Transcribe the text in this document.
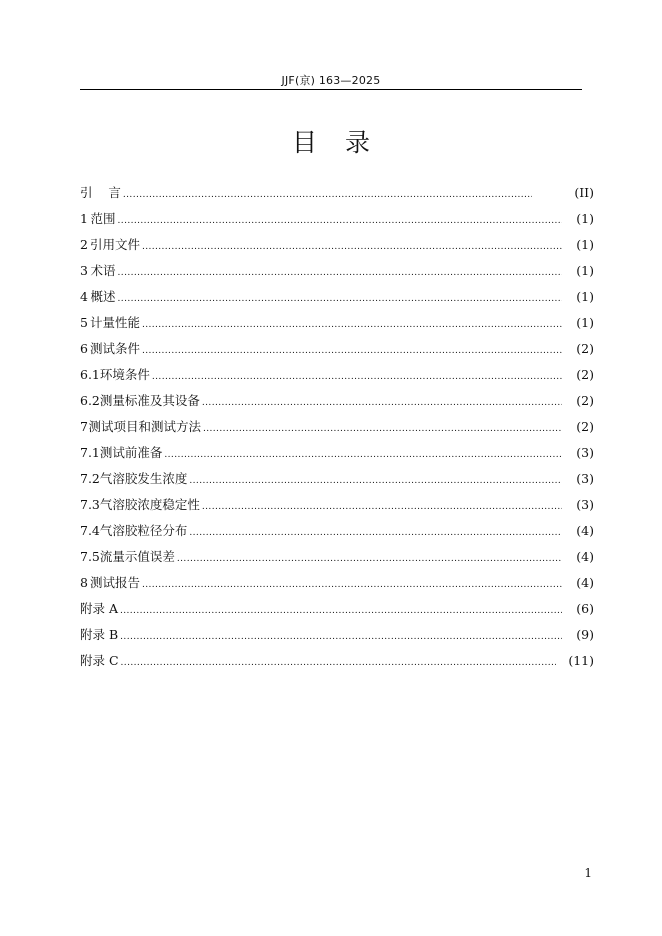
JJF(京) 163—2025
目录
引    言 .....	(II)
1 范围 .....	(1)
2 引用文件 .....	(1)
3 术语 .....	(1)
4 概述 .....	(1)
5 计量性能 .....	(1)
6 测试条件 .....	(2)
6.1 环境条件 .....	(2)
6.2 测量标准及其设备 .....	(2)
7 测试项目和测试方法 .....	(2)
7.1 测试前准备 .....	(3)
7.2 气溶胶发生浓度 .....	(3)
7.3 气溶胶浓度稳定性 .....	(3)
7.4 气溶胶粒径分布 .....	(4)
7.5 流量示值误差 .....	(4)
8 测试报告 .....	(4)
附录 A .....	(6)
附录 B .....	(9)
附录 C .....	(11)
1
